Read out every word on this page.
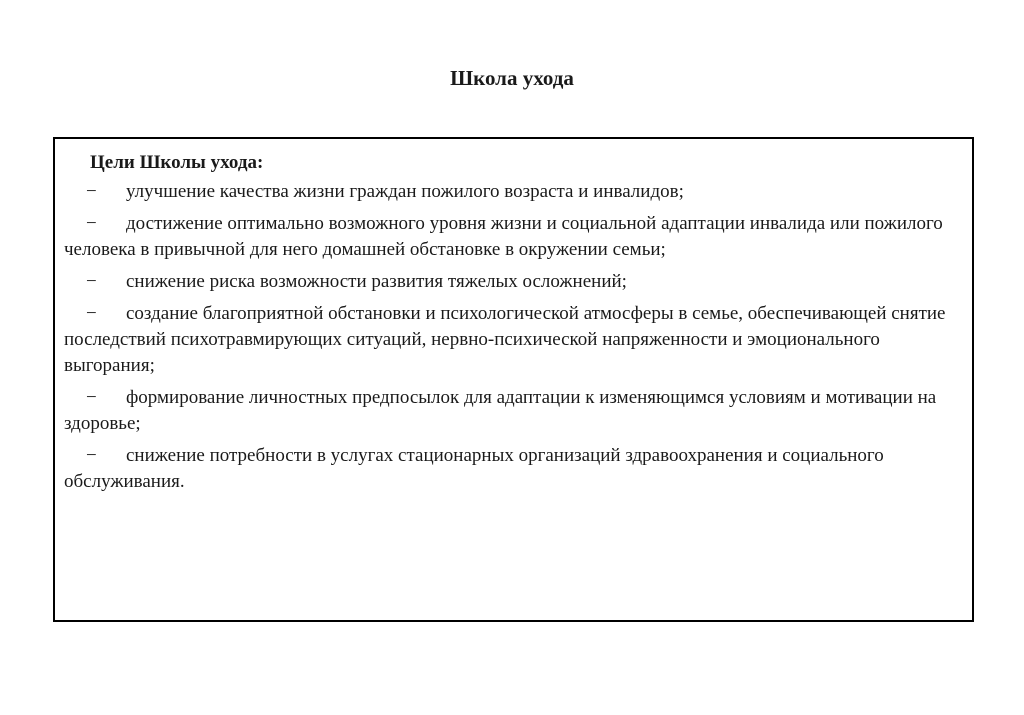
Школа ухода
Цели Школы ухода:
− улучшение качества жизни граждан пожилого возраста и инвалидов;
− достижение оптимально возможного уровня жизни и социальной адаптации инвалида или пожилого человека в привычной для него домашней обстановке в окружении семьи;
− снижение риска возможности развития тяжелых осложнений;
− создание благоприятной обстановки и психологической атмосферы в семье, обеспечивающей снятие последствий психотравмирующих ситуаций, нервно-психической напряженности и эмоционального выгорания;
− формирование личностных предпосылок для адаптации к изменяющимся условиям и мотивации на здоровье;
− снижение потребности в услугах стационарных организаций здравоохранения и социального обслуживания.
